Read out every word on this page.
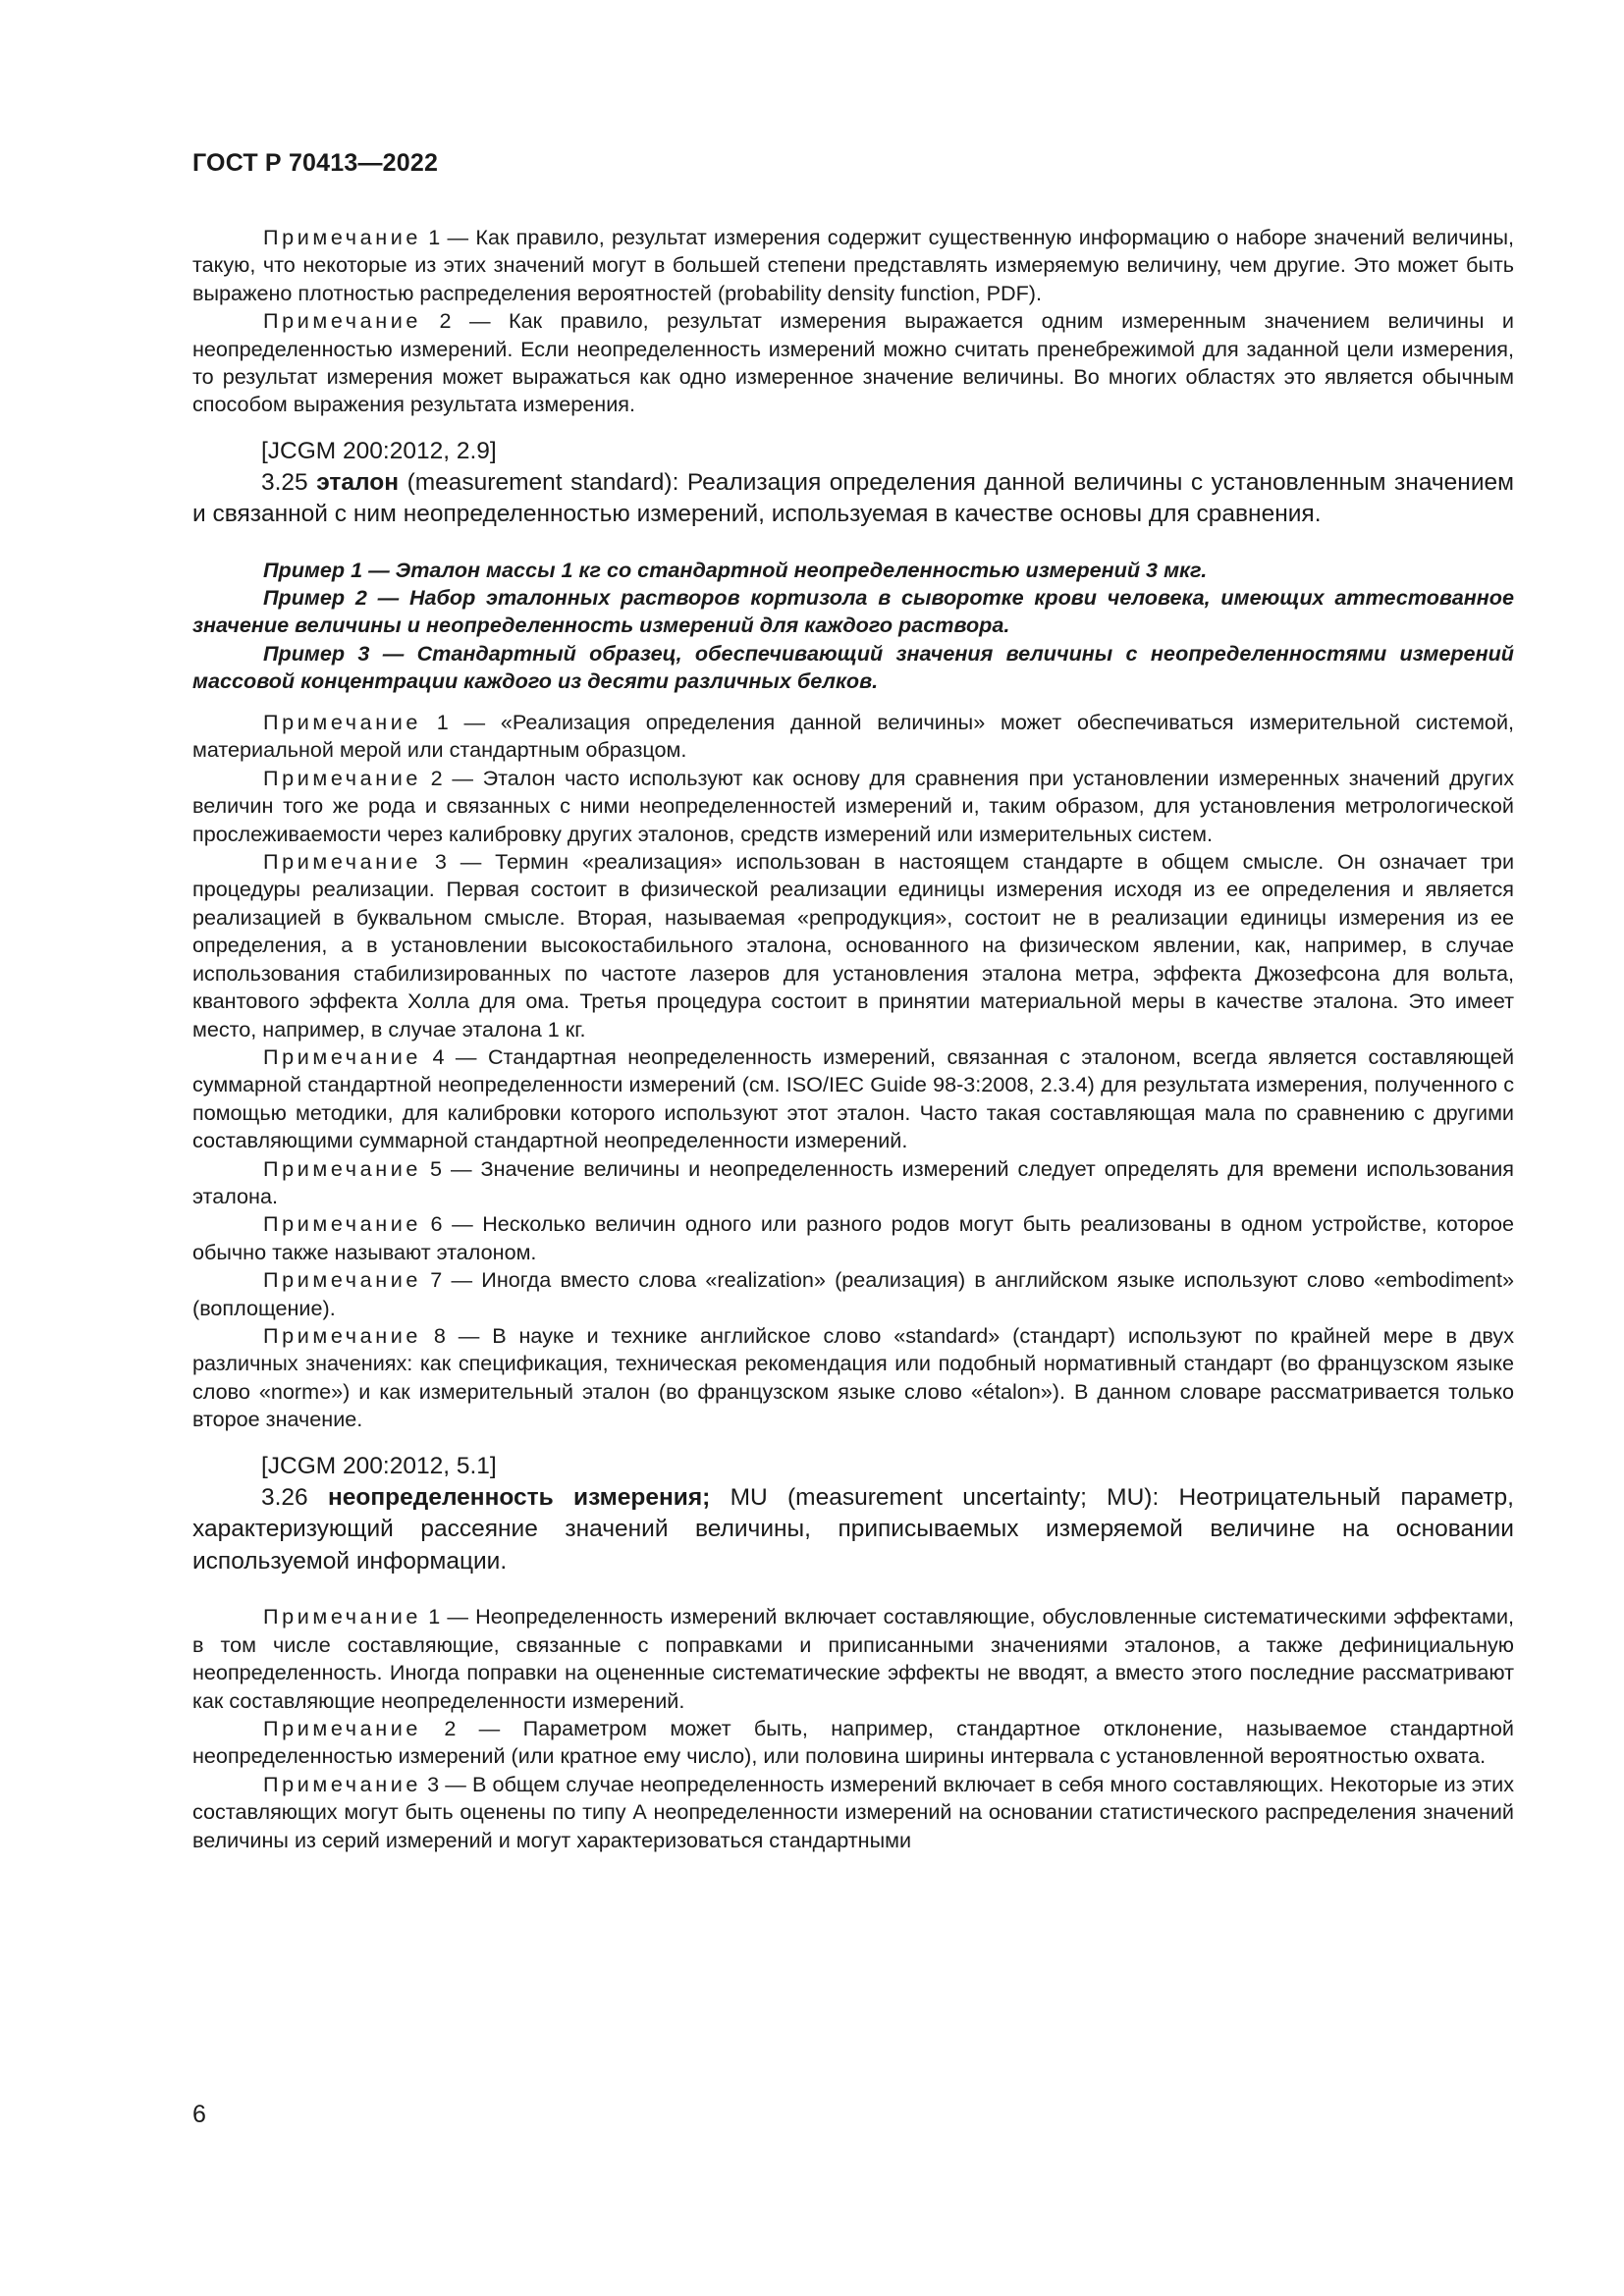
ГОСТ Р 70413—2022

Примечание 1 — Как правило, результат измерения содержит существенную информацию о наборе значений величины, такую, что некоторые из этих значений могут в большей степени представлять измеряемую величину, чем другие. Это может быть выражено плотностью распределения вероятностей (probability density function, PDF).

Примечание 2 — Как правило, результат измерения выражается одним измеренным значением величины и неопределенностью измерений. Если неопределенность измерений можно считать пренебрежимой для заданной цели измерения, то результат измерения может выражаться как одно измеренное значение величины. Во многих областях это является обычным способом выражения результата измерения.

[JCGM 200:2012, 2.9]

3.25 эталон (measurement standard): Реализация определения данной величины с установленным значением и связанной с ним неопределенностью измерений, используемая в качестве основы для сравнения.

Пример 1 — Эталон массы 1 кг со стандартной неопределенностью измерений 3 мкг.

Пример 2 — Набор эталонных растворов кортизола в сыворотке крови человека, имеющих аттестованное значение величины и неопределенность измерений для каждого раствора.

Пример 3 — Стандартный образец, обеспечивающий значения величины с неопределенностями измерений массовой концентрации каждого из десяти различных белков.

Примечание 1 — «Реализация определения данной величины» может обеспечиваться измерительной системой, материальной мерой или стандартным образцом.

Примечание 2 — Эталон часто используют как основу для сравнения при установлении измеренных значений других величин того же рода и связанных с ними неопределенностей измерений и, таким образом, для установления метрологической прослеживаемости через калибровку других эталонов, средств измерений или измерительных систем.

Примечание 3 — Термин «реализация» использован в настоящем стандарте в общем смысле. Он означает три процедуры реализации. Первая состоит в физической реализации единицы измерения исходя из ее определения и является реализацией в буквальном смысле. Вторая, называемая «репродукция», состоит не в реализации единицы измерения из ее определения, а в установлении высокостабильного эталона, основанного на физическом явлении, как, например, в случае использования стабилизированных по частоте лазеров для установления эталона метра, эффекта Джозефсона для вольта, квантового эффекта Холла для ома. Третья процедура состоит в принятии материальной меры в качестве эталона. Это имеет место, например, в случае эталона 1 кг.

Примечание 4 — Стандартная неопределенность измерений, связанная с эталоном, всегда является составляющей суммарной стандартной неопределенности измерений (см. ISO/IEC Guide 98-3:2008, 2.3.4) для результата измерения, полученного с помощью методики, для калибровки которого используют этот эталон. Часто такая составляющая мала по сравнению с другими составляющими суммарной стандартной неопределенности измерений.

Примечание 5 — Значение величины и неопределенность измерений следует определять для времени использования эталона.

Примечание 6 — Несколько величин одного или разного родов могут быть реализованы в одном устройстве, которое обычно также называют эталоном.

Примечание 7 — Иногда вместо слова «realization» (реализация) в английском языке используют слово «embodiment» (воплощение).

Примечание 8 — В науке и технике английское слово «standard» (стандарт) используют по крайней мере в двух различных значениях: как спецификация, техническая рекомендация или подобный нормативный стандарт (во французском языке слово «norme») и как измерительный эталон (во французском языке слово «étalon»). В данном словаре рассматривается только второе значение.

[JCGM 200:2012, 5.1]

3.26 неопределенность измерения; MU (measurement uncertainty; MU): Неотрицательный параметр, характеризующий рассеяние значений величины, приписываемых измеряемой величине на основании используемой информации.

Примечание 1 — Неопределенность измерений включает составляющие, обусловленные систематическими эффектами, в том числе составляющие, связанные с поправками и приписанными значениями эталонов, а также дефинициальную неопределенность. Иногда поправки на оцененные систематические эффекты не вводят, а вместо этого последние рассматривают как составляющие неопределенности измерений.

Примечание 2 — Параметром может быть, например, стандартное отклонение, называемое стандартной неопределенностью измерений (или кратное ему число), или половина ширины интервала с установленной вероятностью охвата.

Примечание 3 — В общем случае неопределенность измерений включает в себя много составляющих. Некоторые из этих составляющих могут быть оценены по типу А неопределенности измерений на основании статистического распределения значений величины из серий измерений и могут характеризоваться стандартными

6
